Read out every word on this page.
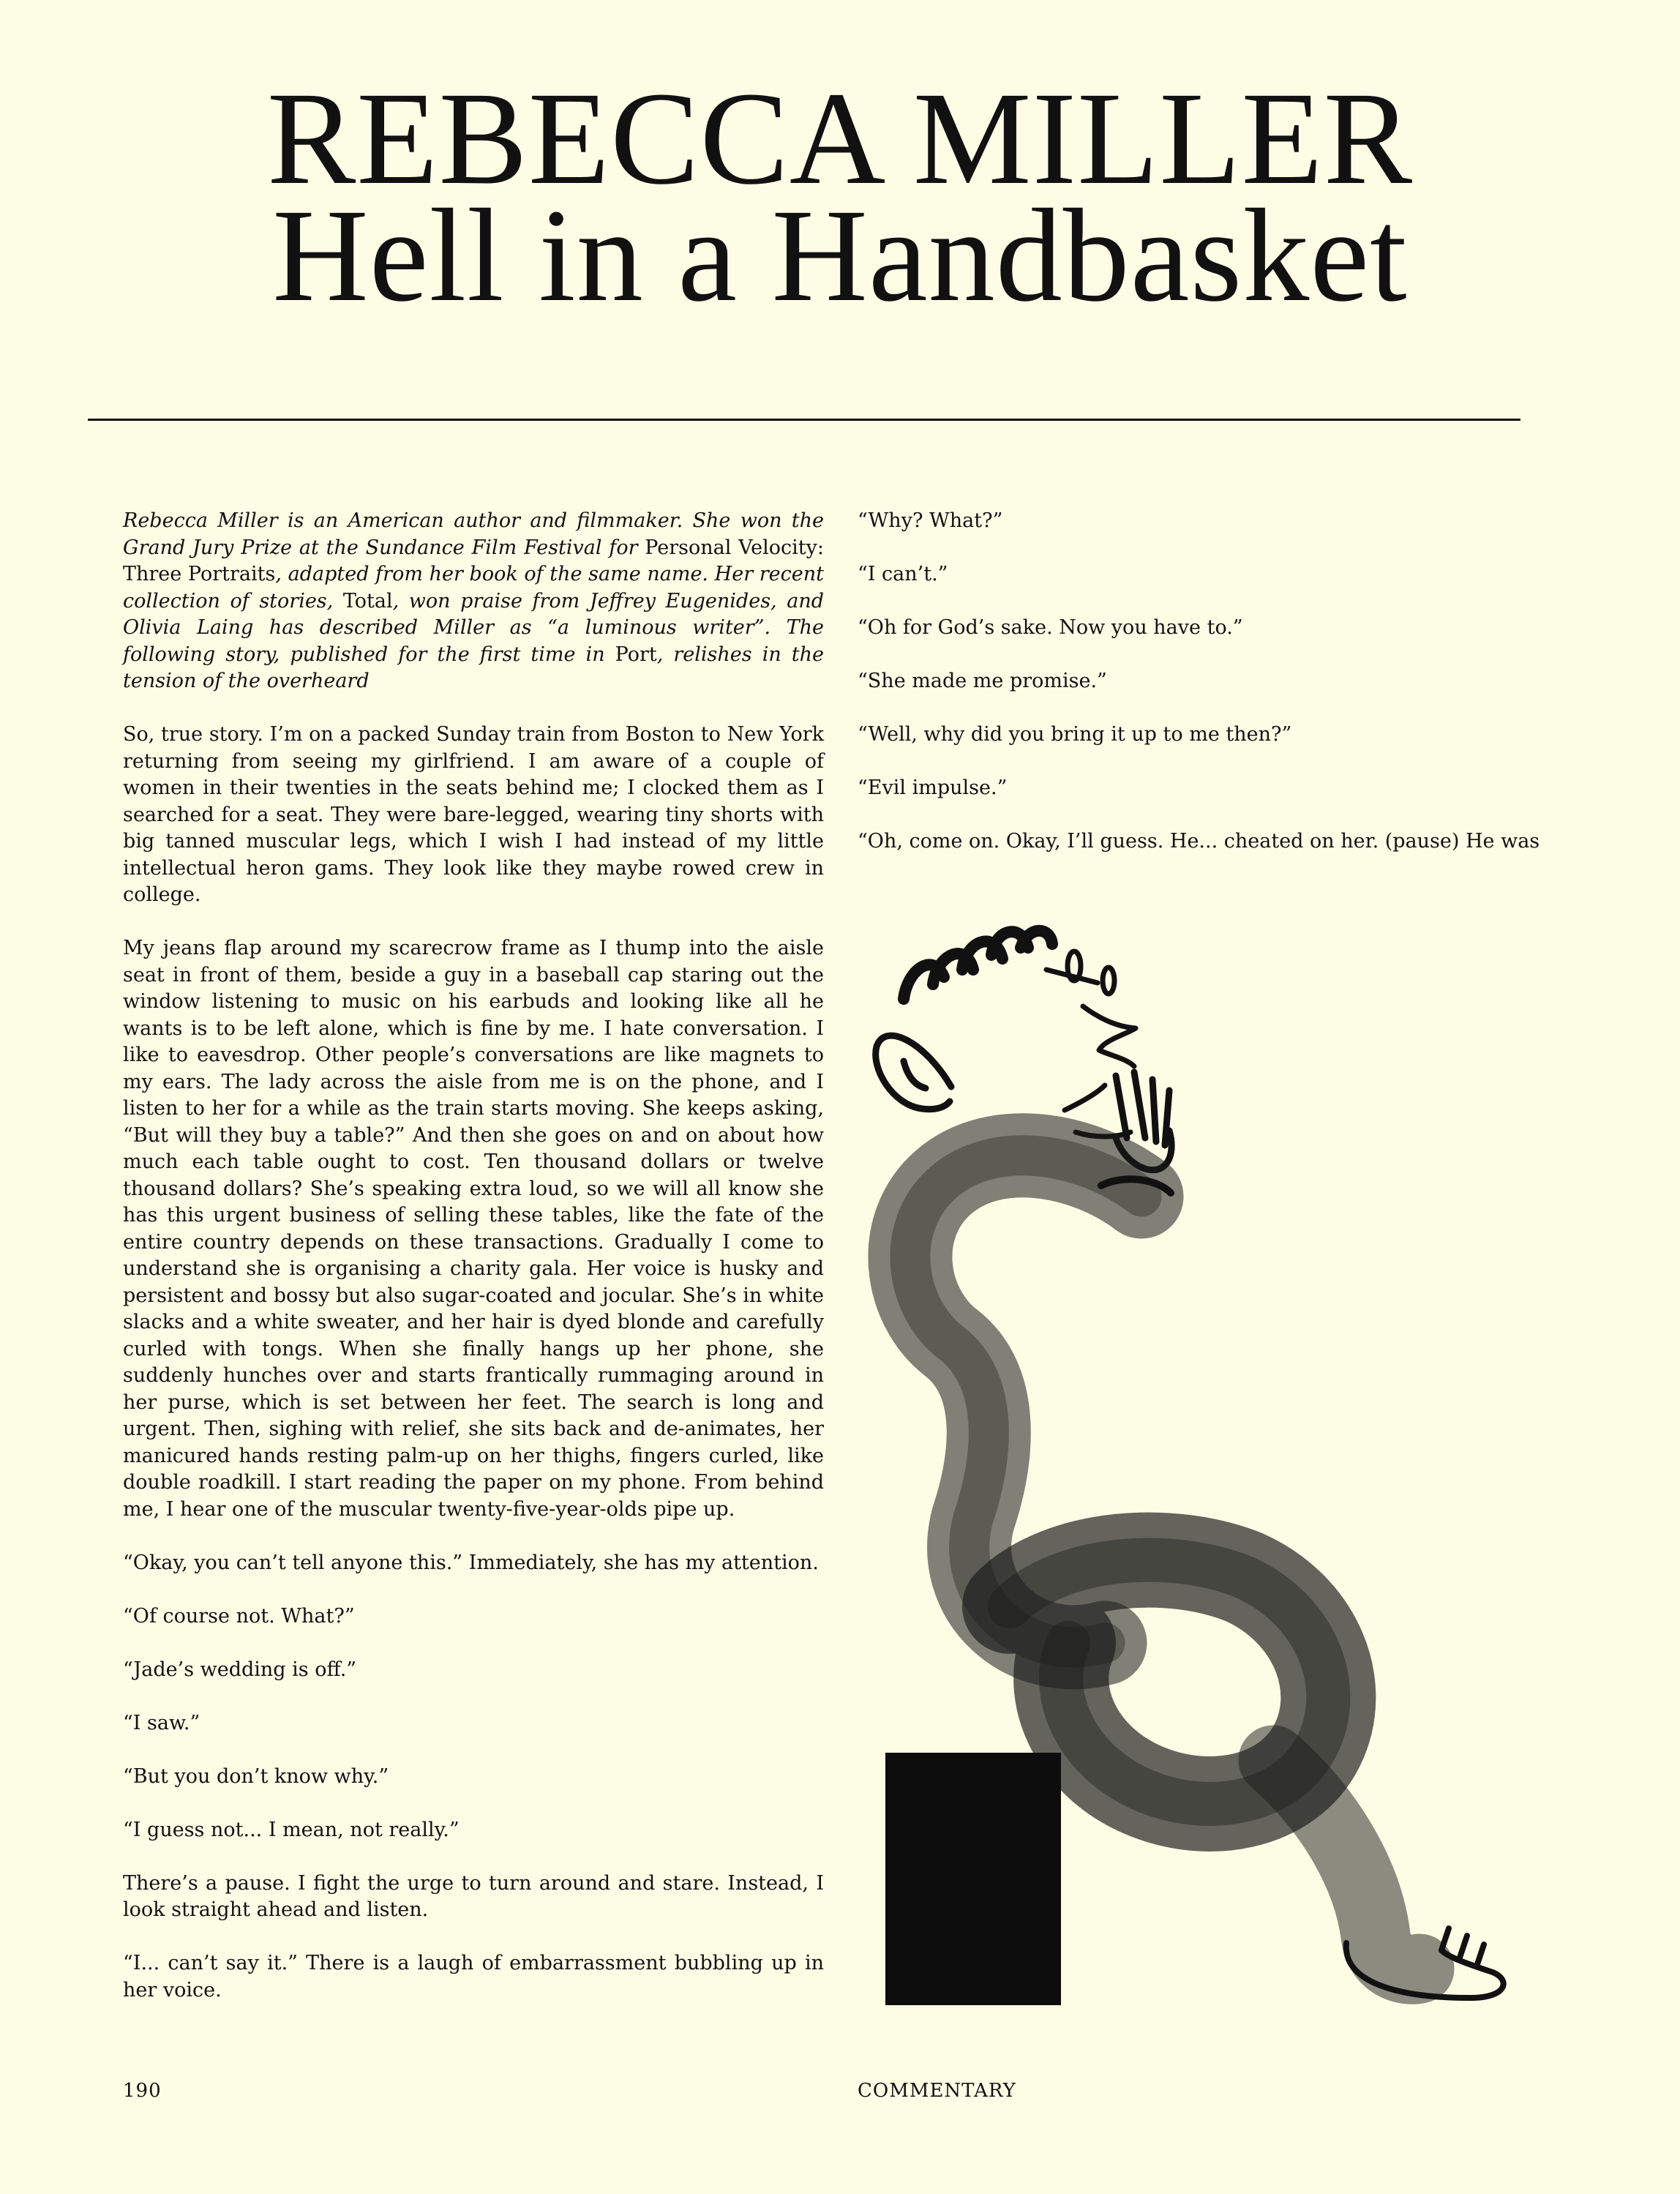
REBECCA MILLER
Hell in a Handbasket

Rebecca Miller is an American author and filmmaker. She won the Grand Jury Prize at the Sundance Film Festival for Personal Velocity: Three Portraits, adapted from her book of the same name. Her recent collection of stories, Total, won praise from Jeffrey Eugenides, and Olivia Laing has described Miller as “a luminous writer”. The following story, published for the first time in Port, relishes in the tension of the overheard

So, true story. I’m on a packed Sunday train from Boston to New York returning from seeing my girlfriend. I am aware of a couple of women in their twenties in the seats behind me; I clocked them as I searched for a seat. They were bare-legged, wearing tiny shorts with big tanned muscular legs, which I wish I had instead of my little intellectual heron gams. They look like they maybe rowed crew in college.

My jeans flap around my scarecrow frame as I thump into the aisle seat in front of them, beside a guy in a baseball cap staring out the window listening to music on his earbuds and looking like all he wants is to be left alone, which is fine by me. I hate conversation. I like to eavesdrop. Other people’s conversations are like magnets to my ears. The lady across the aisle from me is on the phone, and I listen to her for a while as the train starts moving. She keeps asking, “But will they buy a table?” And then she goes on and on about how much each table ought to cost. Ten thousand dollars or twelve thousand dollars? She’s speaking extra loud, so we will all know she has this urgent business of selling these tables, like the fate of the entire country depends on these transactions. Gradually I come to understand she is organising a charity gala. Her voice is husky and persistent and bossy but also sugar-coated and jocular. She’s in white slacks and a white sweater, and her hair is dyed blonde and carefully curled with tongs. When she finally hangs up her phone, she suddenly hunches over and starts frantically rummaging around in her purse, which is set between her feet. The search is long and urgent. Then, sighing with relief, she sits back and de-animates, her manicured hands resting palm-up on her thighs, fingers curled, like double roadkill. I start reading the paper on my phone. From behind me, I hear one of the muscular twenty-five-year-olds pipe up.

“Okay, you can’t tell anyone this.” Immediately, she has my attention.

“Of course not. What?”

“Jade’s wedding is off.”

“I saw.”

“But you don’t know why.”

“I guess not... I mean, not really.”

There’s a pause. I fight the urge to turn around and stare. Instead, I look straight ahead and listen.

“I... can’t say it.” There is a laugh of embarrassment bubbling up in her voice.

“Why? What?”

“I can’t.”

“Oh for God’s sake. Now you have to.”

“She made me promise.”

“Well, why did you bring it up to me then?”

“Evil impulse.”

“Oh, come on. Okay, I’ll guess. He... cheated on her. (pause) He was

190	COMMENTARY
